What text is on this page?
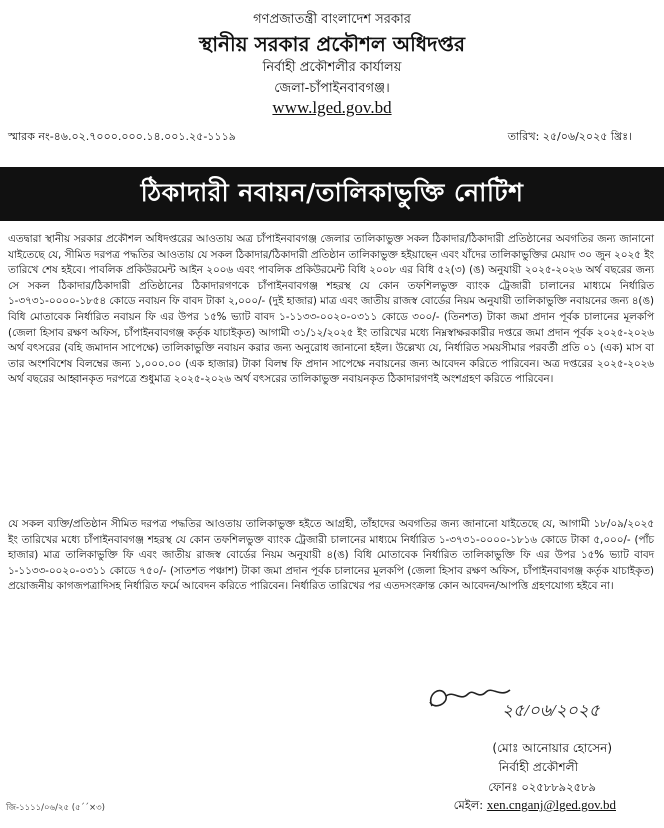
গণপ্রজাতন্ত্রী বাংলাদেশ সরকার
স্থানীয় সরকার প্রকৌশল অধিদপ্তর
নির্বাহী প্রকৌশলীর কার্যালয়
জেলা-চাঁপাইনবাবগঞ্জ।
www.lged.gov.bd
স্মারক নং-৪৬.০২.৭০০০.০০০.১৪.০০১.২৫-১১১৯	তারিখ: ২৫/০৬/২০২৫ খ্রিঃ।
ঠিকাদারী নবায়ন/তালিকাভুক্তি নোটিশ

এতদ্বারা স্থানীয় সরকার প্রকৌশল অধিদপ্তরের আওতায় অত্র চাঁপাইনবাবগঞ্জ জেলার তালিকাভুক্ত সকল ঠিকাদার/ঠিকাদারী প্রতিষ্ঠানের অবগতির জন্য জানানো যাইতেছে যে, সীমিত দরপত্র পদ্ধতির আওতায় যে সকল ঠিকাদার/ঠিকাদারী প্রতিষ্ঠান তালিকাভুক্ত হইয়াছেন এবং যাঁদের তালিকাভুক্তির মেয়াদ ৩০ জুন ২০২৫ ইং তারিখে শেষ হইবে। পাবলিক প্রকিউরমেন্ট আইন ২০০৬ এবং পাবলিক প্রকিউরমেন্ট বিধি ২০০৮ এর বিধি ৫২(৩) (ঙ) অনুযায়ী ২০২৫-২০২৬ অর্থ বছরের জন্য সে সকল ঠিকাদার/ঠিকাদারী প্রতিষ্ঠানের ঠিকাদারগণকে চাঁপাইনবাবগঞ্জ শহরস্থ যে কোন তফশিলভুক্ত ব্যাংক ট্রেজারী চালানের মাধ্যমে নির্ধারিত ১-৩৭৩১-০০০০-১৮৫৪ কোডে নবায়ন ফি বাবদ টাকা ২,০০০/- (দুই হাজার) মাত্র এবং জাতীয় রাজস্ব বোর্ডের নিয়ম অনুযায়ী তালিকাভুক্তি নবায়নের জন্য ৪(ঙ) বিধি মোতাবেক নির্ধারিত নবায়ন ফি এর উপর ১৫% ভ্যাট বাবদ ১-১১৩৩-০০২০-০৩১১ কোডে ৩০০/- (তিনশত) টাকা জমা প্রদান পূর্বক চালানের মূলকপি (জেলা হিসাব রক্ষণ অফিস, চাঁপাইনবাবগঞ্জ কর্তৃক যাচাইকৃত) আগামী ৩১/১২/২০২৫ ইং তারিখের মধ্যে নিম্নস্বাক্ষরকারীর দপ্তরে জমা প্রদান পূর্বক ২০২৫-২০২৬ অর্থ বৎসরের (বহি জমাদান সাপেক্ষে) তালিকাভুক্তি নবায়ন করার জন্য অনুরোধ জানানো হইল। উল্লেখ্য যে, নির্ধারিত সময়সীমার পরবর্তী প্রতি ০১ (এক) মাস বা তার অংশবিশেষ বিলম্বের জন্য ১,০০০.০০ (এক হাজার) টাকা বিলম্ব ফি প্রদান সাপেক্ষে নবায়নের জন্য আবেদন করিতে পারিবেন। অত্র দপ্তরের ২০২৫-২০২৬ অর্থ বছরের আহ্বানকৃত দরপত্রে শুধুমাত্র ২০২৫-২০২৬ অর্থ বৎসরের তালিকাভুক্ত নবায়নকৃত ঠিকাদারগণই অংশগ্রহণ করিতে পারিবেন।

যে সকল ব্যক্তি/প্রতিষ্ঠান সীমিত দরপত্র পদ্ধতির আওতায় তালিকাভুক্ত হইতে আগ্রহী, তাঁহাদের অবগতির জন্য জানানো যাইতেছে যে, আগামী ১৮/০৯/২০২৫ ইং তারিখের মধ্যে চাঁপাইনবাবগঞ্জ শহরস্থ যে কোন তফশিলভুক্ত ব্যাংক ট্রেজারী চালানের মাধ্যমে নির্ধারিত ১-৩৭৩১-০০০০-১৮১৬ কোডে টাকা ৫,০০০/- (পাঁচ হাজার) মাত্র তালিকাভুক্তি ফি এবং জাতীয় রাজস্ব বোর্ডের নিয়ম অনুযায়ী ৪(ঙ) বিধি মোতাবেক নির্ধারিত তালিকাভুক্তি ফি এর উপর ১৫% ভ্যাট বাবদ ১-১১৩৩-০০২০-০৩১১ কোডে ৭৫০/- (সাতশত পঞ্চাশ) টাকা জমা প্রদান পূর্বক চালানের মূলকপি (জেলা হিসাব রক্ষণ অফিস, চাঁপাইনবাবগঞ্জ কর্তৃক যাচাইকৃত) প্রয়োজনীয় কাগজপত্রাদিসহ নির্ধারিত ফর্মে আবেদন করিতে পারিবেন। নির্ধারিত তারিখের পর এতদসংক্রান্ত কোন আবেদন/আপত্তি গ্রহণযোগ্য হইবে না।

২৫/০৬/২০২৫
(মোঃ আনোয়ার হোসেন)
নির্বাহী প্রকৌশলী
ফোনঃ ০২৫৮৮৯২৫৮৯
মেইল: xen.cnganj@lged.gov.bd
জি-১১১১/০৬/২৫ (৫´´×৩)
